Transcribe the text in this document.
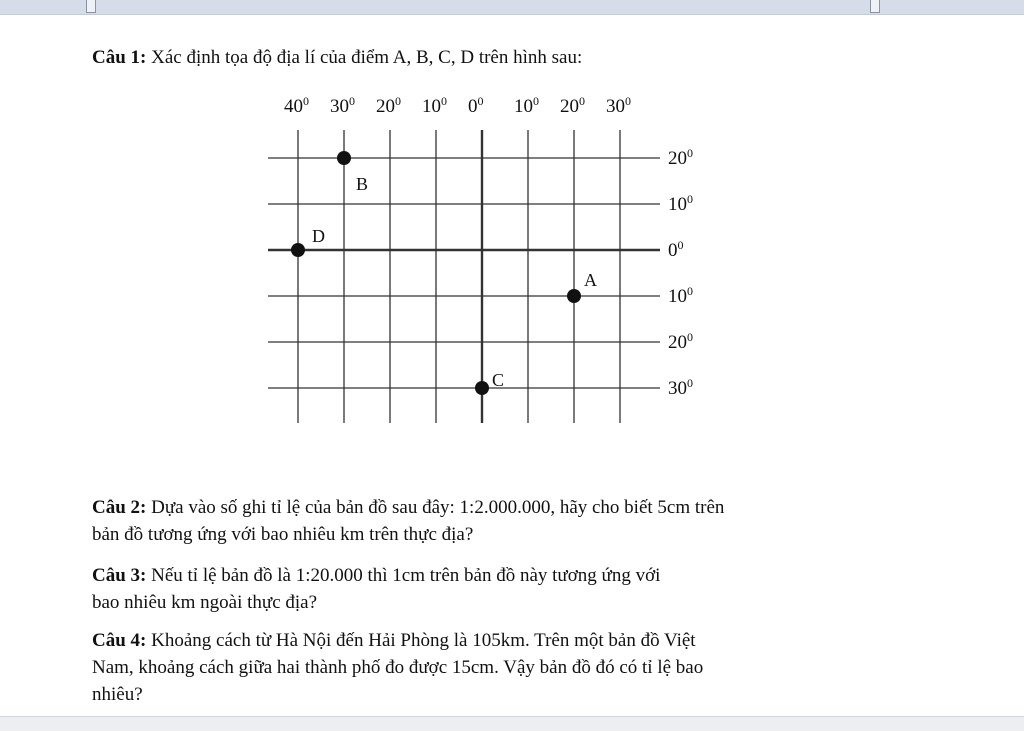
Câu 1: Xác định tọa độ địa lí của điểm A, B, C, D trên hình sau:
$40^0$ $30^0$ $20^0$ $10^0$ $0^0$ $10^0$ $20^0$ $30^0$
$20^0$
$10^0$
$0^0$
$10^0$
$20^0$
$30^0$
B
D
A
C
Câu 2: Dựa vào số ghi tỉ lệ của bản đồ sau đây: 1:2.000.000, hãy cho biết 5cm trên
bản đồ tương ứng với bao nhiêu km trên thực địa?
Câu 3: Nếu tỉ lệ bản đồ là 1:20.000 thì 1cm trên bản đồ này tương ứng với
bao nhiêu km ngoài thực địa?
Câu 4: Khoảng cách từ Hà Nội đến Hải Phòng là 105km. Trên một bản đồ Việt
Nam, khoảng cách giữa hai thành phố đo được 15cm. Vậy bản đồ đó có tỉ lệ bao
nhiêu?
